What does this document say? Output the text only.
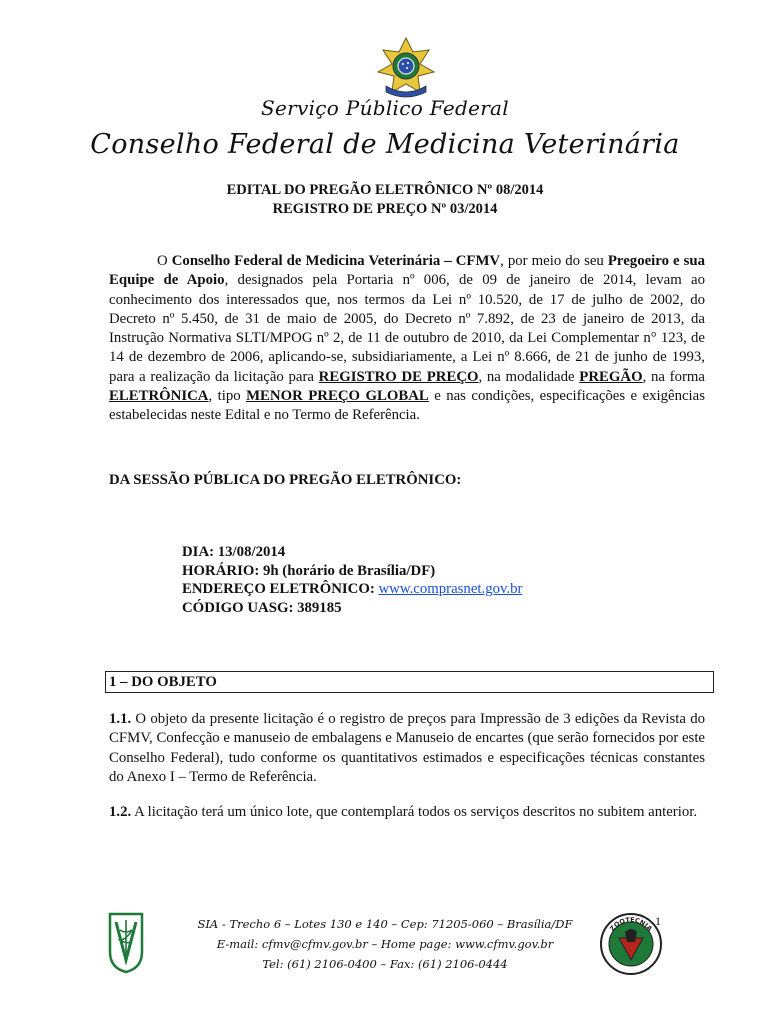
Serviço Público Federal
Conselho Federal de Medicina Veterinária
EDITAL DO PREGÃO ELETRÔNICO Nº 08/2014
REGISTRO DE PREÇO Nº 03/2014
O Conselho Federal de Medicina Veterinária – CFMV, por meio do seu Pregoeiro e sua Equipe de Apoio, designados pela Portaria nº 006, de 09 de janeiro de 2014, levam ao conhecimento dos interessados que, nos termos da Lei nº 10.520, de 17 de julho de 2002, do Decreto nº 5.450, de 31 de maio de 2005, do Decreto nº 7.892, de 23 de janeiro de 2013, da Instrução Normativa SLTI/MPOG nº 2, de 11 de outubro de 2010, da Lei Complementar n° 123, de 14 de dezembro de 2006, aplicando-se, subsidiariamente, a Lei nº 8.666, de 21 de junho de 1993, para a realização da licitação para REGISTRO DE PREÇO, na modalidade PREGÃO, na forma ELETRÔNICA, tipo MENOR PREÇO GLOBAL e nas condições, especificações e exigências estabelecidas neste Edital e no Termo de Referência.
DA SESSÃO PÚBLICA DO PREGÃO ELETRÔNICO:
DIA: 13/08/2014
HORÁRIO: 9h (horário de Brasília/DF)
ENDEREÇO ELETRÔNICO: www.comprasnet.gov.br
CÓDIGO UASG: 389185
1 – DO OBJETO
1.1. O objeto da presente licitação é o registro de preços para Impressão de 3 edições da Revista do CFMV, Confecção e manuseio de embalagens e Manuseio de encartes (que serão fornecidos por este Conselho Federal), tudo conforme os quantitativos estimados e especificações técnicas constantes do Anexo I – Termo de Referência.
1.2. A licitação terá um único lote, que contemplará todos os serviços descritos no subitem anterior.
SIA - Trecho 6 – Lotes 130 e 140 – Cep: 71205-060 – Brasília/DF
E-mail: cfmv@cfmv.gov.br – Home page: www.cfmv.gov.br
Tel: (61) 2106-0400 – Fax: (61) 2106-0444
1
ZOOTECNIA
